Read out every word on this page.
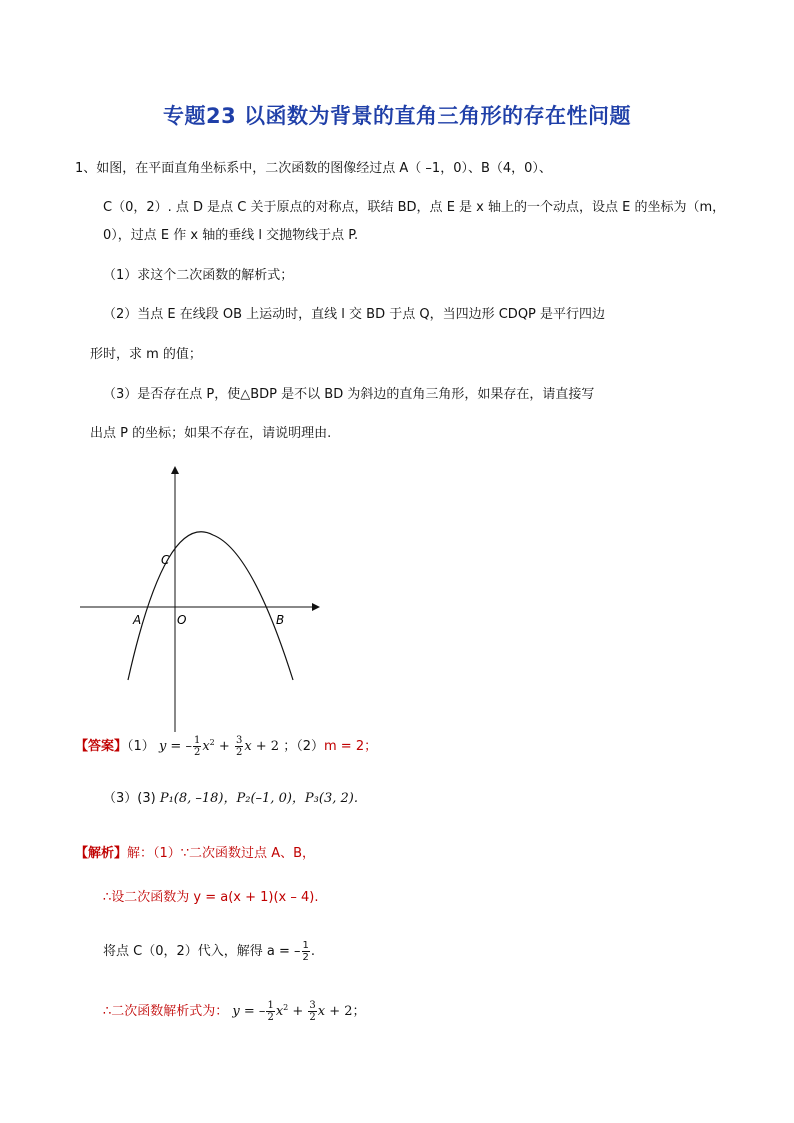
专题23 以函数为背景的直角三角形的存在性问题
1、如图，在平面直角坐标系中，二次函数的图像经过点 A（ –1，0）、B（4，0）、
C（0，2）. 点 D 是点 C 关于原点的对称点，联结 BD，点 E 是 x 轴上的一个动点，设点 E 的坐标为（m，
0），过点 E 作 x 轴的垂线 l 交抛物线于点 P.
（1）求这个二次函数的解析式；
（2）当点 E 在线段 OB 上运动时，直线 l 交 BD 于点 Q，当四边形 CDQP 是平行四边
形时，求 m 的值；
（3）是否存在点 P，使△BDP 是不以 BD 为斜边的直角三角形，如果存在，请直接写
出点 P 的坐标；如果不存在，请说明理由.
C
A	O	B
【答案】（1） y = – $\frac{1}{2} x^2 + \frac{3}{2}$ x + 2 ；（2）m = 2；
（3）(3) P₁(8, –18)，P₂(–1, 0)，P₃(3, 2).
【解析】解：（1）∵二次函数过点 A、B，
∴设二次函数为 y = a(x + 1)(x – 4).
将点 C（0，2）代入，解得 a = – $\frac{1}{2}$ .
∴二次函数解析式为： y = – $\frac{1}{2} x^2 + \frac{3}{2}$ x + 2；
